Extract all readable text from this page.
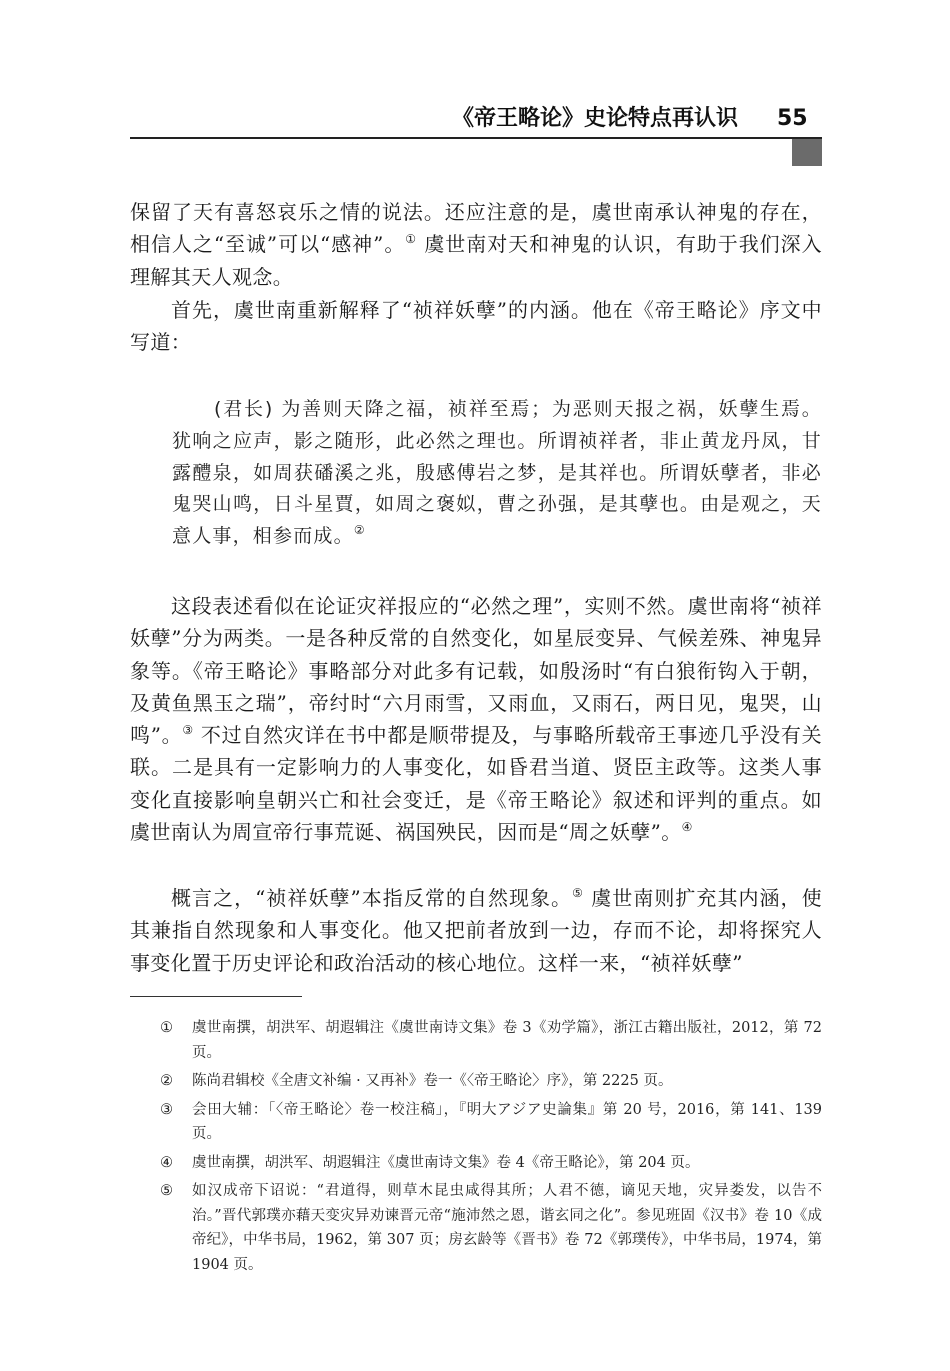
《帝王略论》史论特点再认识 55

保留了天有喜怒哀乐之情的说法。还应注意的是，虞世南承认神鬼的存在，相信人之“至诚”可以“感神”。① 虞世南对天和神鬼的认识，有助于我们深入理解其天人观念。

首先，虞世南重新解释了“祯祥妖孽”的内涵。他在《帝王略论》序文中写道：

(君长) 为善则天降之福，祯祥至焉；为恶则天报之祸，妖孽生焉。犹响之应声，影之随形，此必然之理也。所谓祯祥者，非止黄龙丹凤，甘露醴泉，如周获磻溪之兆，殷感傅岩之梦，是其祥也。所谓妖孽者，非必鬼哭山鸣，日斗星賈，如周之褒姒，曹之孙强，是其孽也。由是观之，天意人事，相参而成。②

这段表述看似在论证灾祥报应的“必然之理”，实则不然。虞世南将“祯祥妖孽”分为两类。一是各种反常的自然变化，如星辰变异、气候差殊、神鬼异象等。《帝王略论》事略部分对此多有记载，如殷汤时“有白狼衔钩入于朝，及黄鱼黑玉之瑞”，帝纣时“六月雨雪，又雨血，又雨石，两日见，鬼哭，山鸣”。③ 不过自然灾详在书中都是顺带提及，与事略所载帝王事迹几乎没有关联。二是具有一定影响力的人事变化，如昏君当道、贤臣主政等。这类人事变化直接影响皇朝兴亡和社会变迁，是《帝王略论》叙述和评判的重点。如虞世南认为周宣帝行事荒诞、祸国殃民，因而是“周之妖孽”。④

概言之，“祯祥妖孽”本指反常的自然现象。⑤ 虞世南则扩充其内涵，使其兼指自然现象和人事变化。他又把前者放到一边，存而不论，却将探究人事变化置于历史评论和政治活动的核心地位。这样一来，“祯祥妖孽”

① 虞世南撰，胡洪军、胡遐辑注《虞世南诗文集》卷 3《劝学篇》，浙江古籍出版社，2012，第 72 页。

② 陈尚君辑校《全唐文补编 · 又再补》卷一《〈帝王略论〉序》，第 2225 页。

③ 会田大辅：「〈帝王略论〉卷一校注稿」，『明大アジア史論集』第 20 号，2016，第 141、139 页。

④ 虞世南撰，胡洪军、胡遐辑注《虞世南诗文集》卷 4《帝王略论》，第 204 页。

⑤ 如汉成帝下诏说：“君道得，则草木昆虫咸得其所；人君不德，谪见天地，灾异娄发，以告不治。”晋代郭璞亦藉天变灾异劝谏晋元帝“施沛然之恩，谐玄同之化”。参见班固《汉书》卷 10《成帝纪》，中华书局，1962，第 307 页；房玄龄等《晋书》卷 72《郭璞传》，中华书局，1974，第 1904 页。
